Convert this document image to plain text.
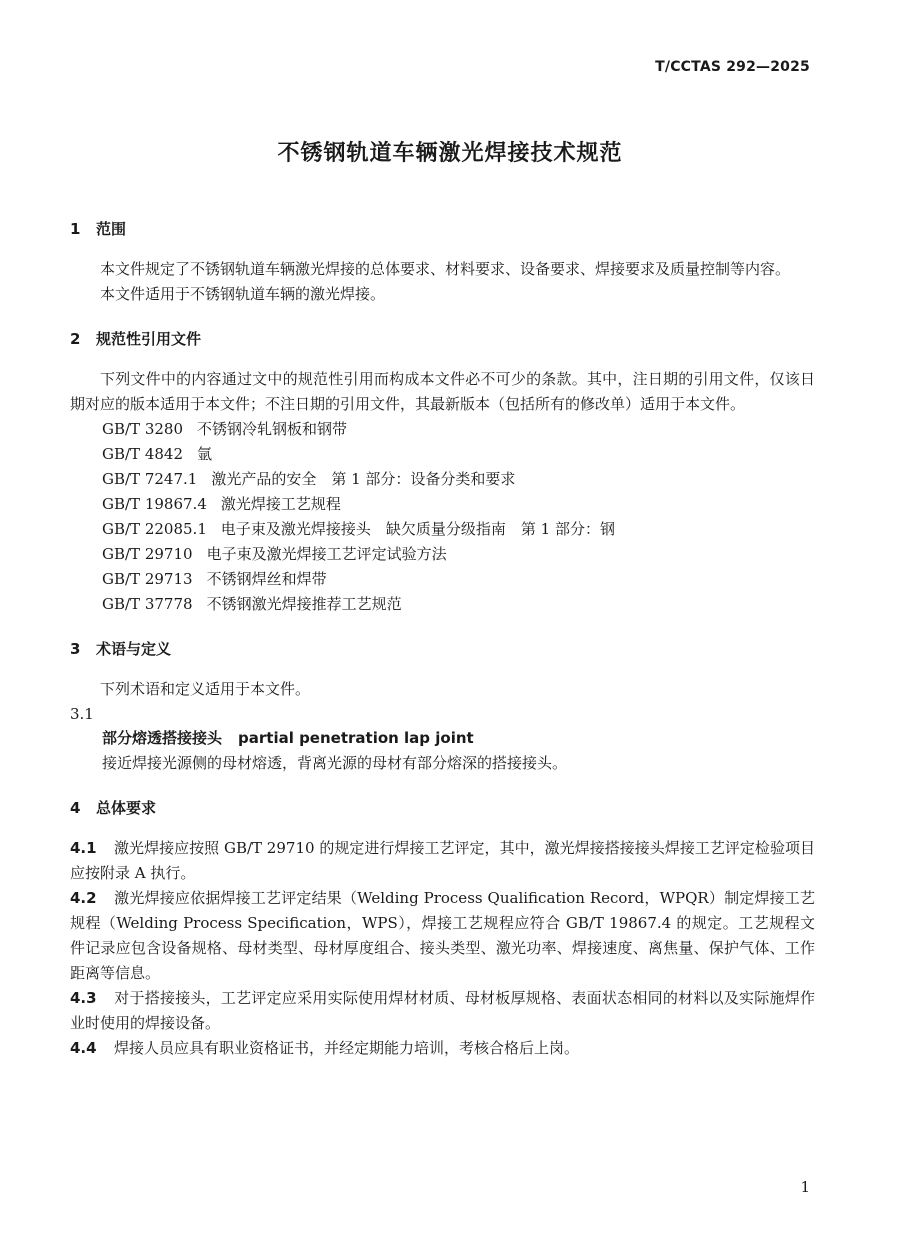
T/CCTAS 292—2025
不锈钢轨道车辆激光焊接技术规范
1 范围

本文件规定了不锈钢轨道车辆激光焊接的总体要求、材料要求、设备要求、焊接要求及质量控制等内容。

本文件适用于不锈钢轨道车辆的激光焊接。

2 规范性引用文件

下列文件中的内容通过文中的规范性引用而构成本文件必不可少的条款。其中，注日期的引用文件，仅该日期对应的版本适用于本文件；不注日期的引用文件，其最新版本（包括所有的修改单）适用于本文件。

GB/T 3280 不锈钢冷轧钢板和钢带
GB/T 4842 氩
GB/T 7247.1 激光产品的安全　第 1 部分：设备分类和要求
GB/T 19867.4 激光焊接工艺规程
GB/T 22085.1 电子束及激光焊接接头　缺欠质量分级指南　第 1 部分：钢
GB/T 29710 电子束及激光焊接工艺评定试验方法
GB/T 29713 不锈钢焊丝和焊带
GB/T 37778 不锈钢激光焊接推荐工艺规范
3 术语与定义

下列术语和定义适用于本文件。

3.1

部分熔透搭接接头 partial penetration lap joint

接近焊接光源侧的母材熔透，背离光源的母材有部分熔深的搭接接头。

4 总体要求

4.1 激光焊接应按照 GB/T 29710 的规定进行焊接工艺评定，其中，激光焊接搭接接头焊接工艺评定检验项目应按附录 A 执行。

4.2 激光焊接应依据焊接工艺评定结果（Welding Process Qualification Record，WPQR）制定焊接工艺规程（Welding Process Specification，WPS），焊接工艺规程应符合 GB/T 19867.4 的规定。工艺规程文件记录应包含设备规格、母材类型、母材厚度组合、接头类型、激光功率、焊接速度、离焦量、保护气体、工作距离等信息。

4.3 对于搭接接头，工艺评定应采用实际使用焊材材质、母材板厚规格、表面状态相同的材料以及实际施焊作业时使用的焊接设备。

4.4 焊接人员应具有职业资格证书，并经定期能力培训，考核合格后上岗。

1
